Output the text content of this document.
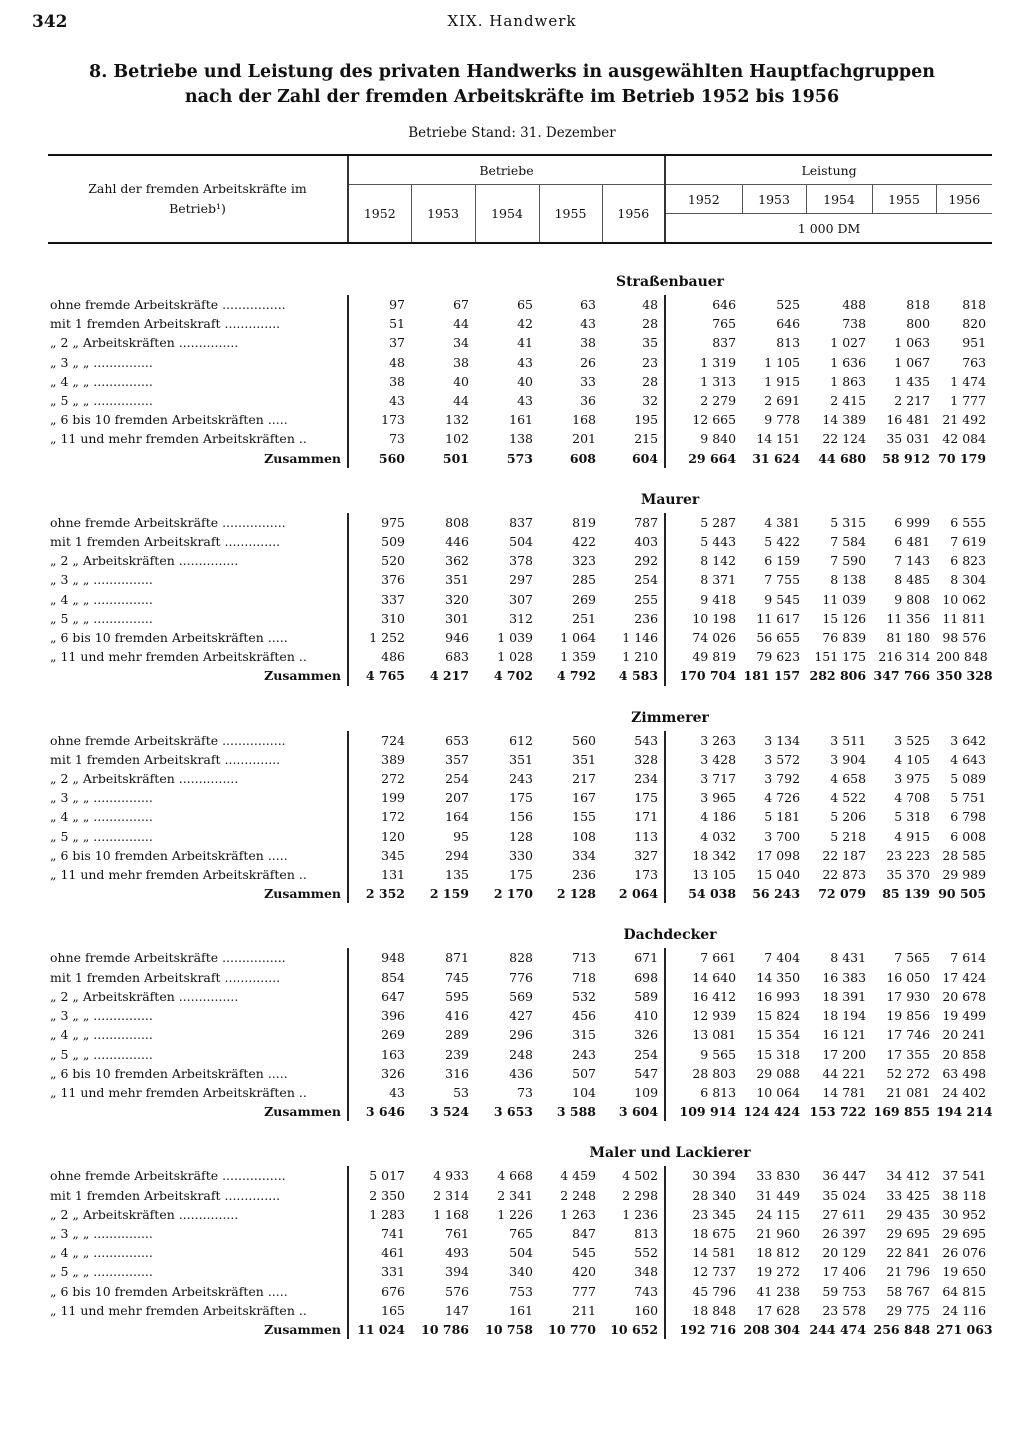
342	XIX. Handwerk
8. Betriebe und Leistung des privaten Handwerks in ausgewählten Hauptfachgruppen
nach der Zahl der fremden Arbeitskräfte im Betrieb 1952 bis 1956
Betriebe Stand: 31. Dezember
Zahl der fremden Arbeitskräfte im Betrieb¹)	Betriebe					Leistung				
	1952	1953	1954	1955	1956	1952	1953	1954	1955	1956
						1 000 DM				

Straßenbauer										
ohne fremde Arbeitskräfte ................	97	67	65	63	48	646	525	488	818	818
mit 1 fremden Arbeitskraft ..............	51	44	42	43	28	765	646	738	800	820
„ 2 „ Arbeitskräften ...............	37	34	41	38	35	837	813	1 027	1 063	951
„ 3 „ „ ...............	48	38	43	26	23	1 319	1 105	1 636	1 067	763
„ 4 „ „ ...............	38	40	40	33	28	1 313	1 915	1 863	1 435	1 474
„ 5 „ „ ...............	43	44	43	36	32	2 279	2 691	2 415	2 217	1 777
„ 6 bis 10 fremden Arbeitskräften .....	173	132	161	168	195	12 665	9 778	14 389	16 481	21 492
„ 11 und mehr fremden Arbeitskräften ..	73	102	138	201	215	9 840	14 151	22 124	35 031	42 084
Zusammen	560	501	573	608	604	29 664	31 624	44 680	58 912	70 179
Maurer										
ohne fremde Arbeitskräfte ................	975	808	837	819	787	5 287	4 381	5 315	6 999	6 555
mit 1 fremden Arbeitskraft ..............	509	446	504	422	403	5 443	5 422	7 584	6 481	7 619
„ 2 „ Arbeitskräften ...............	520	362	378	323	292	8 142	6 159	7 590	7 143	6 823
„ 3 „ „ ...............	376	351	297	285	254	8 371	7 755	8 138	8 485	8 304
„ 4 „ „ ...............	337	320	307	269	255	9 418	9 545	11 039	9 808	10 062
„ 5 „ „ ...............	310	301	312	251	236	10 198	11 617	15 126	11 356	11 811
„ 6 bis 10 fremden Arbeitskräften .....	1 252	946	1 039	1 064	1 146	74 026	56 655	76 839	81 180	98 576
„ 11 und mehr fremden Arbeitskräften ..	486	683	1 028	1 359	1 210	49 819	79 623	151 175	216 314	200 848
Zusammen	4 765	4 217	4 702	4 792	4 583	170 704	181 157	282 806	347 766	350 328
Zimmerer										
ohne fremde Arbeitskräfte ................	724	653	612	560	543	3 263	3 134	3 511	3 525	3 642
mit 1 fremden Arbeitskraft ..............	389	357	351	351	328	3 428	3 572	3 904	4 105	4 643
„ 2 „ Arbeitskräften ...............	272	254	243	217	234	3 717	3 792	4 658	3 975	5 089
„ 3 „ „ ...............	199	207	175	167	175	3 965	4 726	4 522	4 708	5 751
„ 4 „ „ ...............	172	164	156	155	171	4 186	5 181	5 206	5 318	6 798
„ 5 „ „ ...............	120	95	128	108	113	4 032	3 700	5 218	4 915	6 008
„ 6 bis 10 fremden Arbeitskräften .....	345	294	330	334	327	18 342	17 098	22 187	23 223	28 585
„ 11 und mehr fremden Arbeitskräften ..	131	135	175	236	173	13 105	15 040	22 873	35 370	29 989
Zusammen	2 352	2 159	2 170	2 128	2 064	54 038	56 243	72 079	85 139	90 505
Dachdecker										
ohne fremde Arbeitskräfte ................	948	871	828	713	671	7 661	7 404	8 431	7 565	7 614
mit 1 fremden Arbeitskraft ..............	854	745	776	718	698	14 640	14 350	16 383	16 050	17 424
„ 2 „ Arbeitskräften ...............	647	595	569	532	589	16 412	16 993	18 391	17 930	20 678
„ 3 „ „ ...............	396	416	427	456	410	12 939	15 824	18 194	19 856	19 499
„ 4 „ „ ...............	269	289	296	315	326	13 081	15 354	16 121	17 746	20 241
„ 5 „ „ ...............	163	239	248	243	254	9 565	15 318	17 200	17 355	20 858
„ 6 bis 10 fremden Arbeitskräften .....	326	316	436	507	547	28 803	29 088	44 221	52 272	63 498
„ 11 und mehr fremden Arbeitskräften ..	43	53	73	104	109	6 813	10 064	14 781	21 081	24 402
Zusammen	3 646	3 524	3 653	3 588	3 604	109 914	124 424	153 722	169 855	194 214
Maler und Lackierer										
ohne fremde Arbeitskräfte ................	5 017	4 933	4 668	4 459	4 502	30 394	33 830	36 447	34 412	37 541
mit 1 fremden Arbeitskraft ..............	2 350	2 314	2 341	2 248	2 298	28 340	31 449	35 024	33 425	38 118
„ 2 „ Arbeitskräften ...............	1 283	1 168	1 226	1 263	1 236	23 345	24 115	27 611	29 435	30 952
„ 3 „ „ ...............	741	761	765	847	813	18 675	21 960	26 397	29 695	29 695
„ 4 „ „ ...............	461	493	504	545	552	14 581	18 812	20 129	22 841	26 076
„ 5 „ „ ...............	331	394	340	420	348	12 737	19 272	17 406	21 796	19 650
„ 6 bis 10 fremden Arbeitskräften .....	676	576	753	777	743	45 796	41 238	59 753	58 767	64 815
„ 11 und mehr fremden Arbeitskräften ..	165	147	161	211	160	18 848	17 628	23 578	29 775	24 116
Zusammen	11 024	10 786	10 758	10 770	10 652	192 716	208 304	244 474	256 848	271 063
